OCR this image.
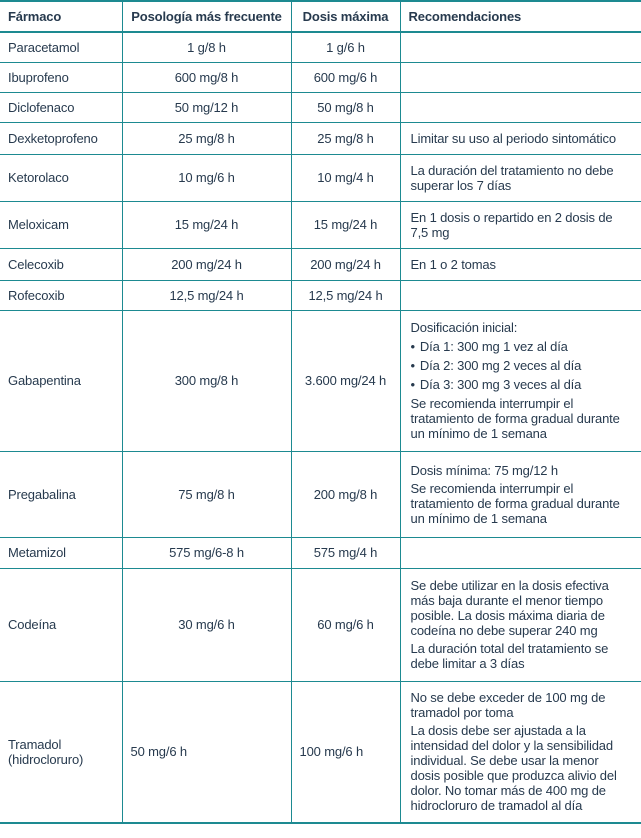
Fármaco	Posología más frecuente	Dosis máxima	Recomendaciones
Paracetamol	1 g/8 h	1 g/6 h	
Ibuprofeno	600 mg/8 h	600 mg/6 h	
Diclofenaco	50 mg/12 h	50 mg/8 h	
Dexketoprofeno	25 mg/8 h	25 mg/8 h	Limitar su uso al periodo sintomático

Ketorolaco	10 mg/6 h	10 mg/4 h	La duración del tratamiento no debe superar los 7 días

Meloxicam	15 mg/24 h	15 mg/24 h	En 1 dosis o repartido en 2 dosis de 7,5 mg

Celecoxib	200 mg/24 h	200 mg/24 h	En 1 o 2 tomas

Rofecoxib	12,5 mg/24 h	12,5 mg/24 h	
Gabapentina	300 mg/8 h	3.600 mg/24 h	Dosificación inicial:
• Día 1: 300 mg 1 vez al día
• Día 2: 300 mg 2 veces al día
• Día 3: 300 mg 3 veces al día
Se recomienda interrumpir el tratamiento de forma gradual durante un mínimo de 1 semana

Pregabalina	75 mg/8 h	200 mg/8 h	Dosis mínima: 75 mg/12 h
Se recomienda interrumpir el tratamiento de forma gradual durante un mínimo de 1 semana

Metamizol	575 mg/6-8 h	575 mg/4 h	
Codeína	30 mg/6 h	60 mg/6 h	Se debe utilizar en la dosis efectiva más baja durante el menor tiempo posible. La dosis máxima diaria de codeína no debe superar 240 mg
La duración total del tratamiento se debe limitar a 3 días

Tramadol (hidrocloruro)	50 mg/6 h	100 mg/6 h	No se debe exceder de 100 mg de tramadol por toma
La dosis debe ser ajustada a la intensidad del dolor y la sensibilidad individual. Se debe usar la menor dosis posible que produzca alivio del dolor. No tomar más de 400 mg de hidrocloruro de tramadol al día
